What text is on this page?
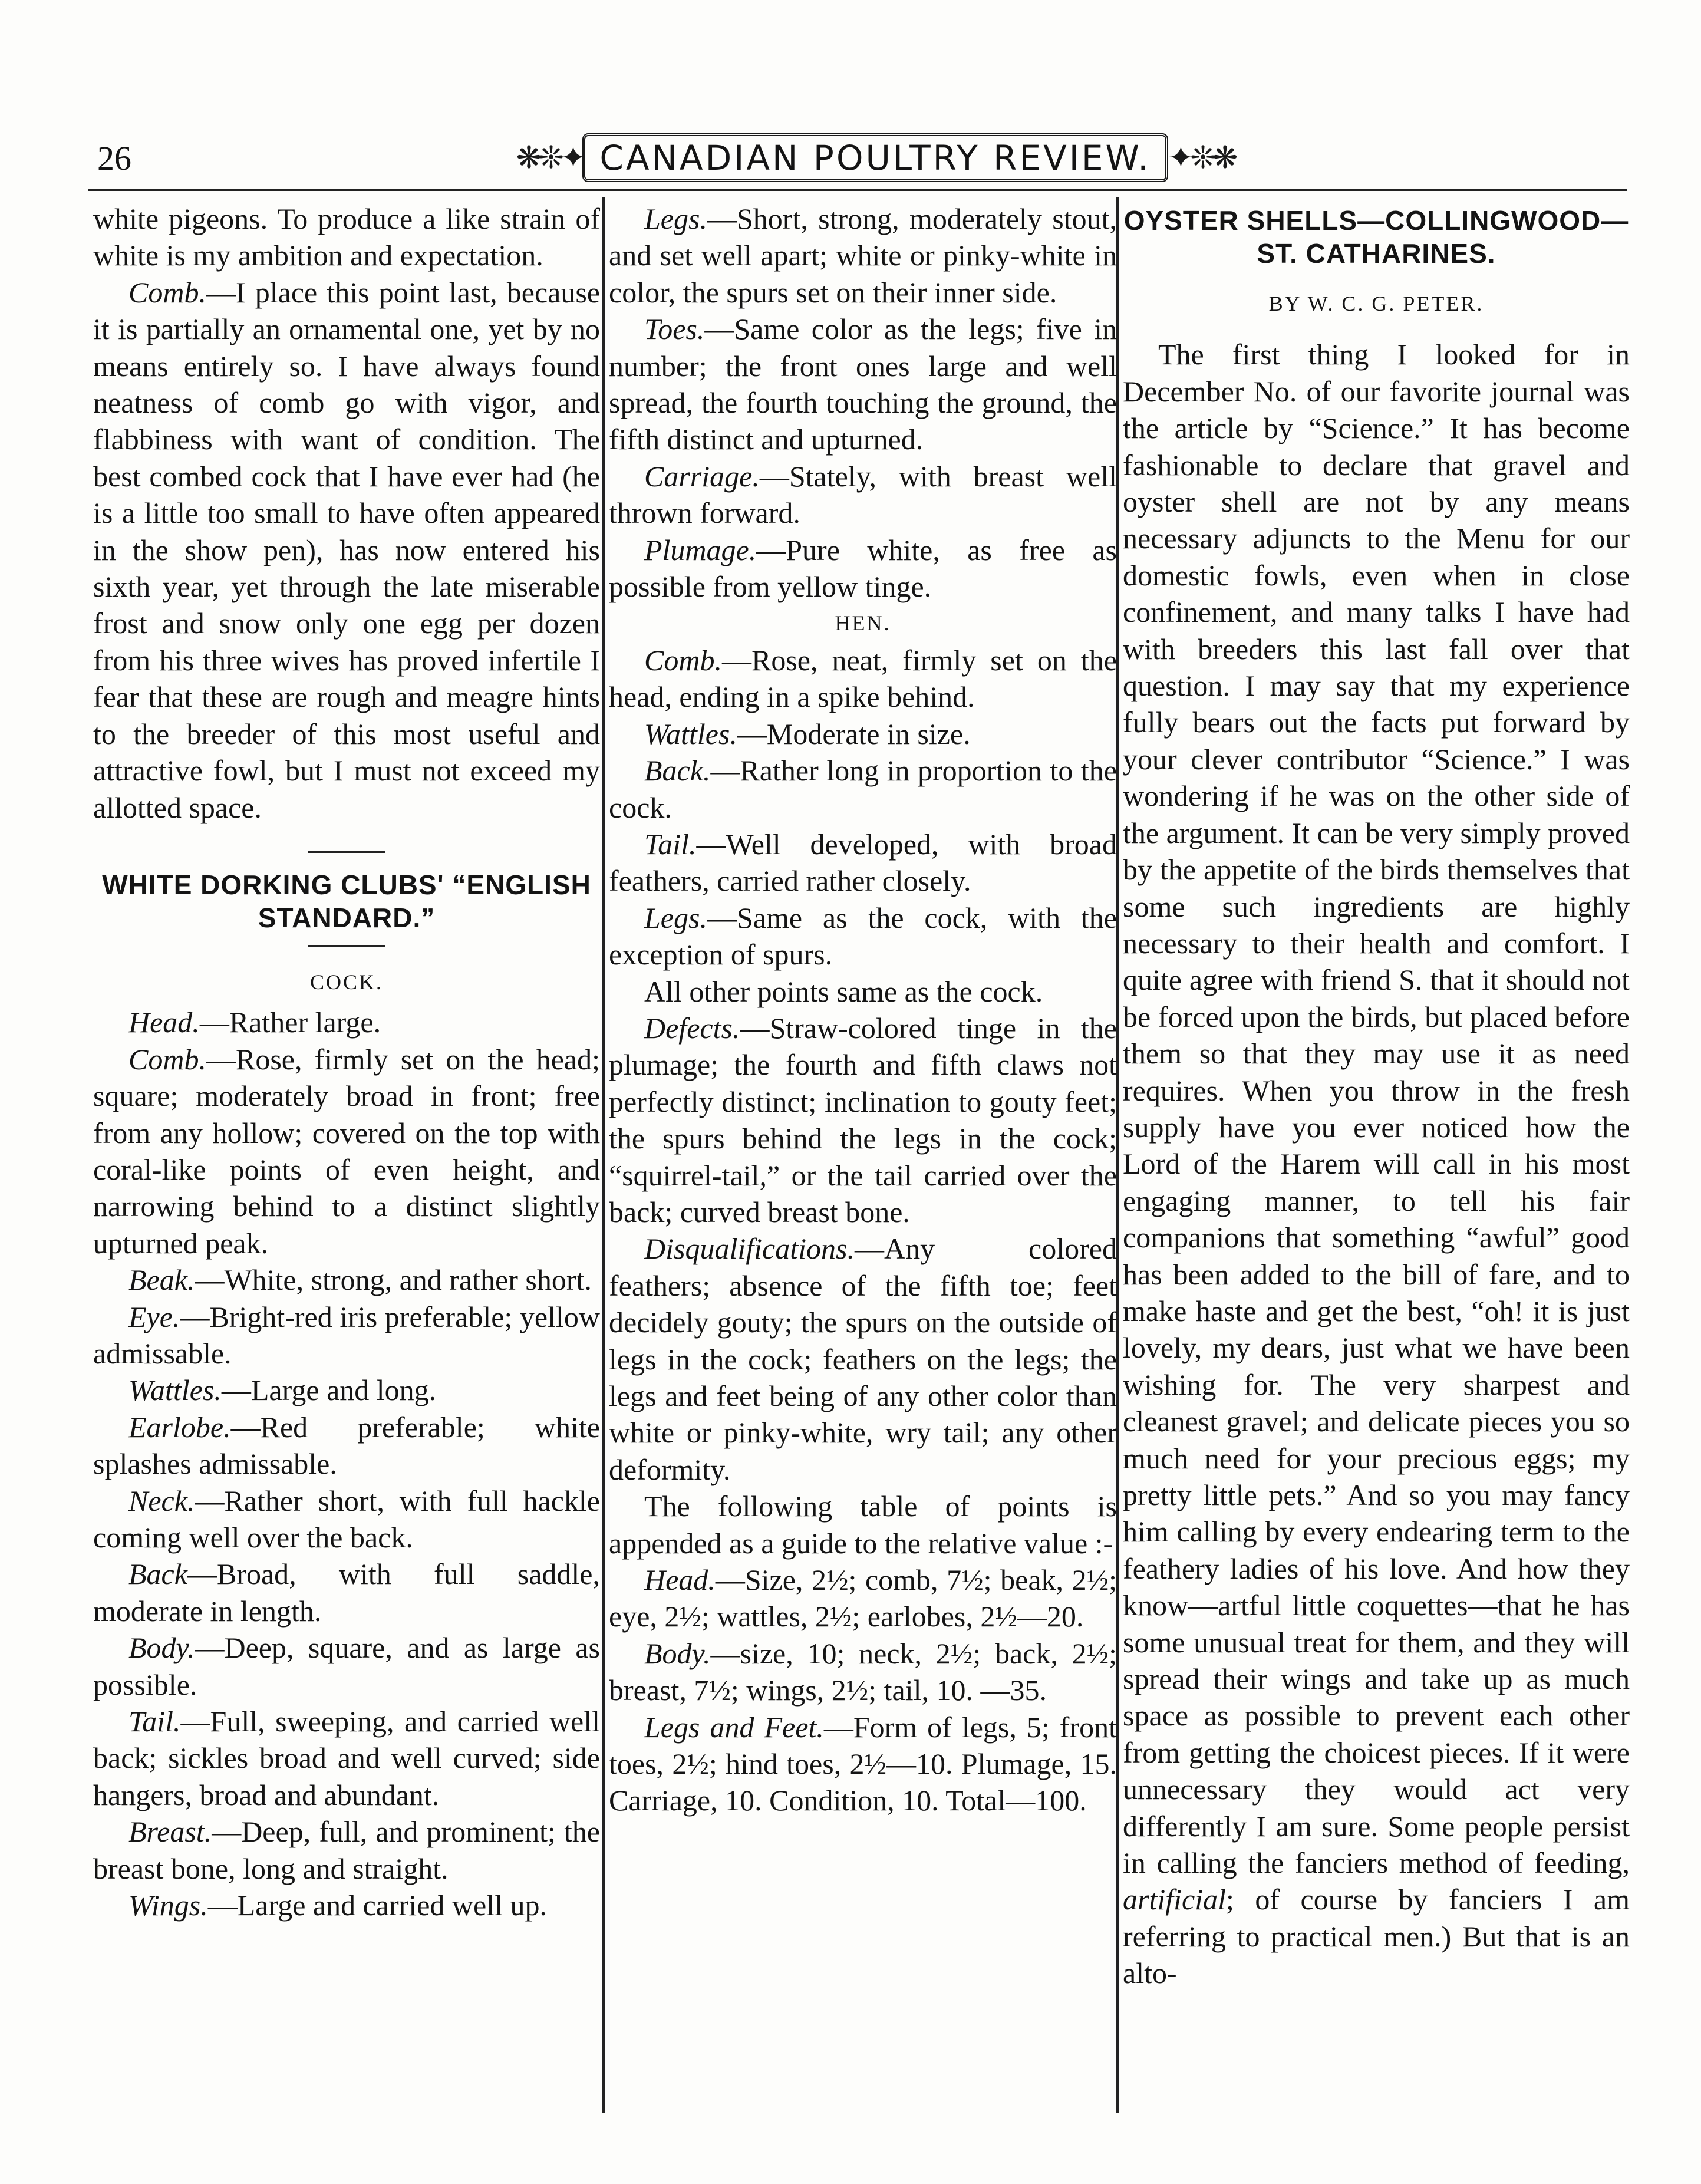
26	❋❊✦ CANADIAN POULTRY REVIEW. ✦❊❋

white pigeons. To produce a like strain of white is my ambition and expectation.

Comb.—I place this point last, because it is partially an ornamental one, yet by no means entirely so. I have always found neatness of comb go with vigor, and flabbiness with want of condition. The best combed cock that I have ever had (he is a little too small to have often appeared in the show pen), has now entered his sixth year, yet through the late miserable frost and snow only one egg per dozen from his three wives has proved infertile I fear that these are rough and meagre hints to the breeder of this most useful and attractive fowl, but I must not exceed my allotted space.

WHITE DORKING CLUBS' “ENGLISH STANDARD.”

COCK.

Head.—Rather large.

Comb.—Rose, firmly set on the head; square; moderately broad in front; free from any hollow; covered on the top with coral-like points of even height, and narrowing behind to a distinct slightly upturned peak.

Beak.—White, strong, and rather short.

Eye.—Bright-red iris preferable; yellow admissable.

Wattles.—Large and long.

Earlobe.—Red preferable; white splashes admissable.

Neck.—Rather short, with full hackle coming well over the back.

Back—Broad, with full saddle, moderate in length.

Body.—Deep, square, and as large as possible.

Tail.—Full, sweeping, and carried well back; sickles broad and well curved; side hangers, broad and abundant.

Breast.—Deep, full, and prominent; the breast bone, long and straight.

Wings.—Large and carried well up.

Legs.—Short, strong, moderately stout, and set well apart; white or pinky-white in color, the spurs set on their inner side.

Toes.—Same color as the legs; five in number; the front ones large and well spread, the fourth touching the ground, the fifth distinct and upturned.

Carriage.—Stately, with breast well thrown forward.

Plumage.—Pure white, as free as possible from yellow tinge.

HEN.

Comb.—Rose, neat, firmly set on the head, ending in a spike behind.

Wattles.—Moderate in size.

Back.—Rather long in proportion to the cock.

Tail.—Well developed, with broad feathers, carried rather closely.

Legs.—Same as the cock, with the exception of spurs.

All other points same as the cock.

Defects.—Straw-colored tinge in the plumage; the fourth and fifth claws not perfectly distinct; inclination to gouty feet; the spurs behind the legs in the cock; “squirrel-tail,” or the tail carried over the back; curved breast bone.

Disqualifications.—Any colored feathers; absence of the fifth toe; feet decidely gouty; the spurs on the outside of legs in the cock; feathers on the legs; the legs and feet being of any other color than white or pinky-white, wry tail; any other deformity.

The following table of points is appended as a guide to the relative value :-

Head.—Size, 2½; comb, 7½; beak, 2½; eye, 2½; wattles, 2½; earlobes, 2½—20.

Body.—size, 10; neck, 2½; back, 2½; breast, 7½; wings, 2½; tail, 10. —35.

Legs and Feet.—Form of legs, 5; front toes, 2½; hind toes, 2½—10. Plumage, 15. Carriage, 10. Condition, 10. Total—100.

OYSTER SHELLS—COLLINGWOOD—ST. CATHARINES.

BY W. C. G. PETER.

The first thing I looked for in December No. of our favorite journal was the article by “Science.” It has become fashionable to declare that gravel and oyster shell are not by any means necessary adjuncts to the Menu for our domestic fowls, even when in close confinement, and many talks I have had with breeders this last fall over that question. I may say that my experience fully bears out the facts put forward by your clever contributor “Science.” I was wondering if he was on the other side of the argument. It can be very simply proved by the appetite of the birds themselves that some such ingredients are highly necessary to their health and comfort. I quite agree with friend S. that it should not be forced upon the birds, but placed before them so that they may use it as need requires. When you throw in the fresh supply have you ever noticed how the Lord of the Harem will call in his most engaging manner, to tell his fair companions that something “awful” good has been added to the bill of fare, and to make haste and get the best, “oh! it is just lovely, my dears, just what we have been wishing for. The very sharpest and cleanest gravel; and delicate pieces you so much need for your precious eggs; my pretty little pets.” And so you may fancy him calling by every endearing term to the feathery ladies of his love. And how they know—artful little coquettes—that he has some unusual treat for them, and they will spread their wings and take up as much space as possible to prevent each other from getting the choicest pieces. If it were unnecessary they would act very differently I am sure. Some people persist in calling the fanciers method of feeding, artificial; of course by fanciers I am referring to practical men.) But that is an alto-
